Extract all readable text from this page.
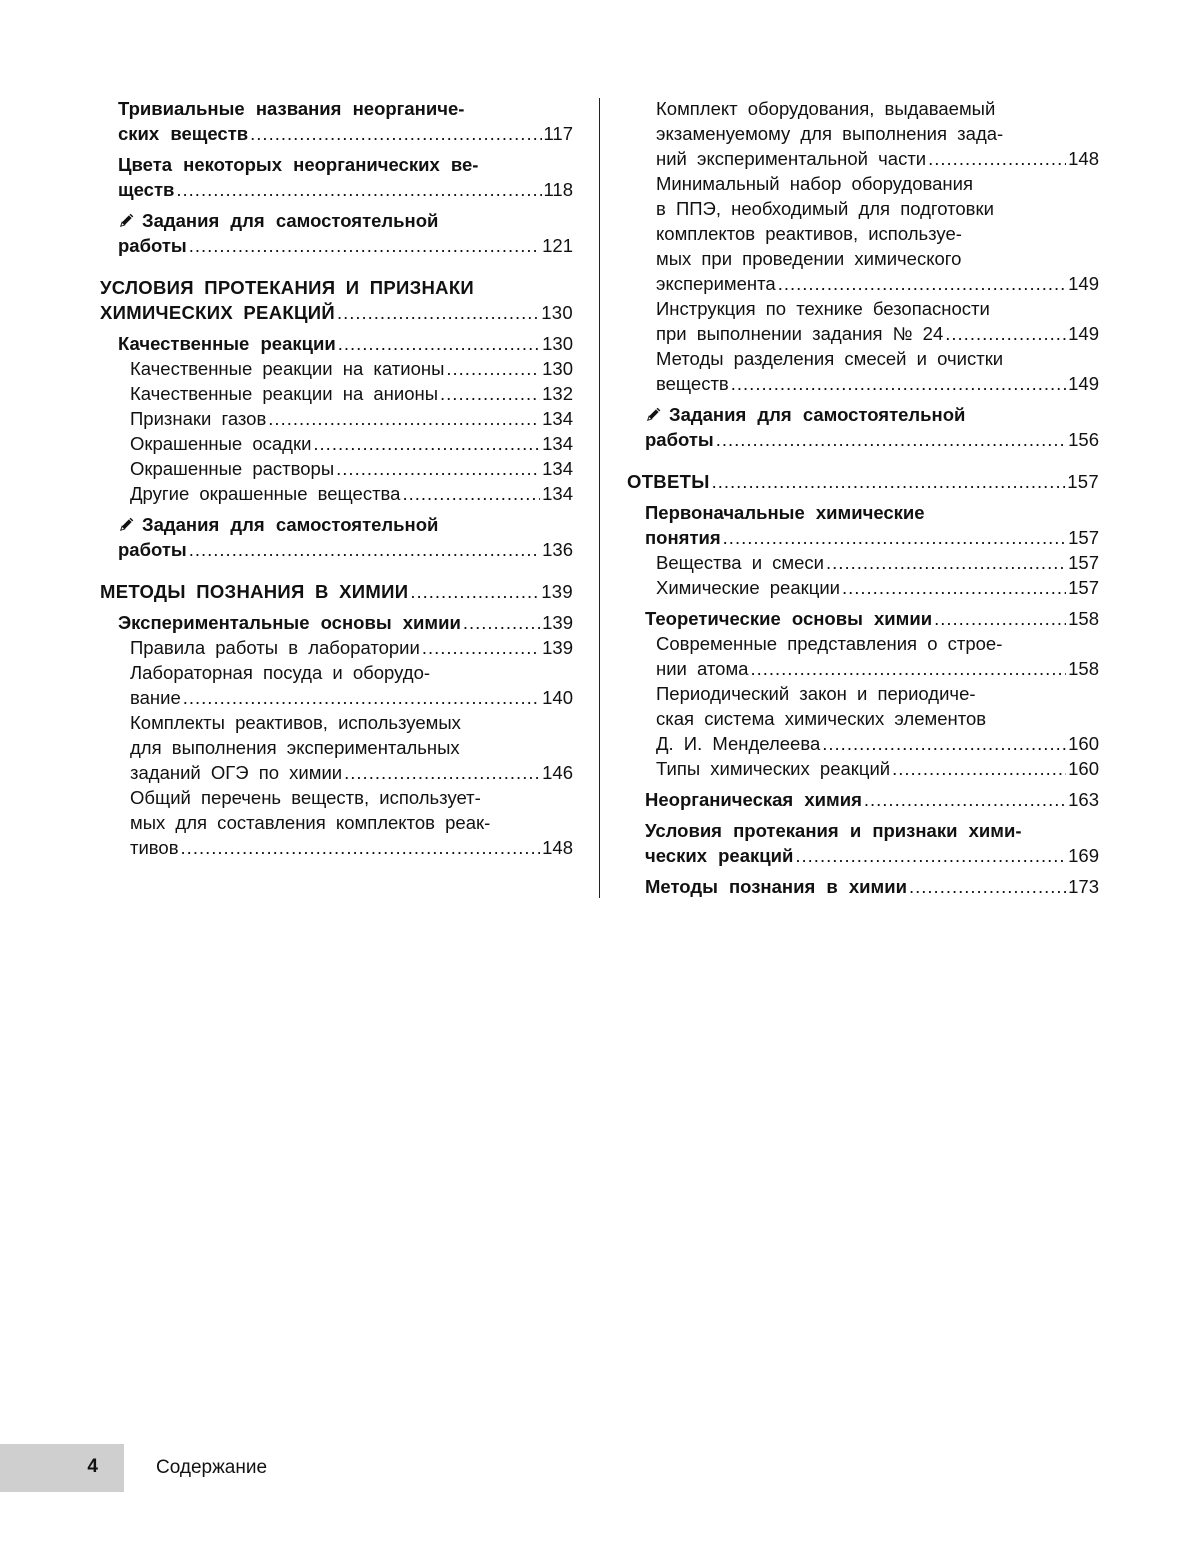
Тривиальные названия неорганиче-
ских веществ .....	117
Цвета некоторых неорганических ве-
ществ .....	118
Задания для самостоятельной
работы .....	121
УСЛОВИЯ ПРОТЕКАНИЯ И ПРИЗНАКИ
ХИМИЧЕСКИХ РЕАКЦИЙ .....	130
Качественные реакции .....	130
Качественные реакции на катионы .....	130
Качественные реакции на анионы .....	132
Признаки газов .....	134
Окрашенные осадки .....	134
Окрашенные растворы .....	134
Другие окрашенные вещества .....	134
Задания для самостоятельной
работы .....	136
МЕТОДЫ ПОЗНАНИЯ В ХИМИИ .....	139
Экспериментальные основы химии .....	139
Правила работы в лаборатории .....	139
Лабораторная посуда и оборудо-
вание .....	140
Комплекты реактивов, используемых
для выполнения экспериментальных
заданий ОГЭ по химии .....	146
Общий перечень веществ, использует-
мых для составления комплектов реак-
тивов .....	148
Комплект оборудования, выдаваемый
экзаменуемому для выполнения зада-
ний экспериментальной части .....	148
Минимальный набор оборудования
в ППЭ, необходимый для подготовки
комплектов реактивов, используе-
мых при проведении химического
эксперимента .....	149
Инструкция по технике безопасности
при выполнении задания № 24 .....	149
Методы разделения смесей и очистки
веществ .....	149
Задания для самостоятельной
работы .....	156
ОТВЕТЫ .....	157
Первоначальные химические
понятия .....	157
Вещества и смеси .....	157
Химические реакции .....	157
Теоретические основы химии .....	158
Современные представления о строе-
нии атома .....	158
Периодический закон и периодиче-
ская система химических элементов
Д. И. Менделеева .....	160
Типы химических реакций .....	160
Неорганическая химия .....	163
Условия протекания и признаки хими-
ческих реакций .....	169
Методы познания в химии .....	173
4	Содержание
